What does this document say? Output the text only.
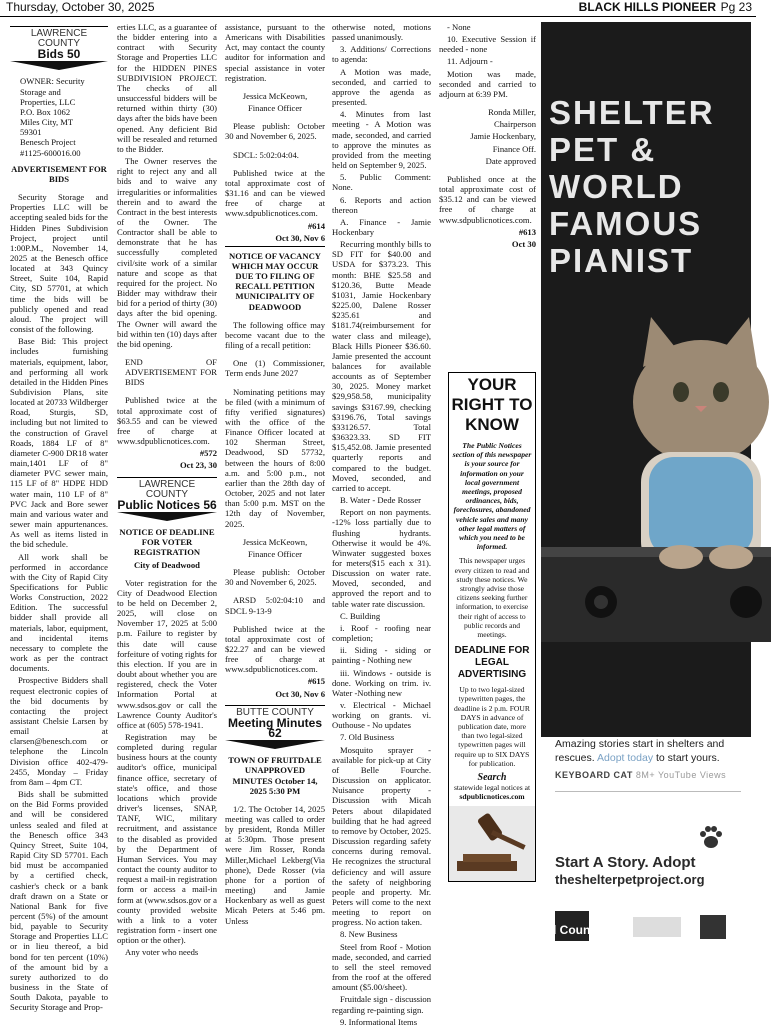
Thursday, October 30, 2025	BLACK HILLS PIONEER Pg 23
LAWRENCE COUNTY
Bids 50
OWNER: Security
Storage and
Properties, LLC
P.O. Box 1062
Miles City, MT
59301
Benesch Project
#1125-600016.00

ADVERTISEMENT FOR BIDS

Security Storage and Properties LLC will be accepting sealed bids for the Hidden Pines Subdivision Project, project until 1:00P.M., November 14, 2025 at the Benesch office located at 343 Quincy Street, Suite 104, Rapid City, SD 57701, at which time the bids will be publicly opened and read aloud. The project will consist of the following.

Base Bid: This project includes furnishing materials, equipment, labor, and performing all work detailed in the Hidden Pines Subdivision Plans, site located at 20733 Wildberger Road, Sturgis, SD, including but not limited to the construction of Gravel Roads, 1884 LF of 8" diameter C-900 DR18 water main,1401 LF of 8" diameter PVC sewer main, 115 LF of 8" HDPE HDD water main, 110 LF of 8" PVC Jack and Bore sewer main and various water and sewer main appurtenances. As well as items listed in the bid schedule.

All work shall be performed in accordance with the City of Rapid City Specifications for Public Works Construction, 2022 Edition. The successful bidder shall provide all materials, labor, equipment, and incidental items necessary to complete the work as per the contract documents.

Prospective Bidders shall request electronic copies of the bid documents by contacting the project assistant Chelsie Larsen by email at clarsen@benesch.com or telephone the Lincoln Division office 402-479-2455, Monday – Friday from 8am – 4pm CT.

Bids shall be submitted on the Bid Forms provided and will be considered unless sealed and filed at the Benesch office 343 Quincy Street, Suite 104, Rapid City SD 57701. Each bid must be accompanied by a certified check, cashier's check or a bank draft drawn on a State or National Bank for five percent (5%) of the amount bid, payable to Security Storage and Properties LLC or in lieu thereof, a bid bond for ten percent (10%) of the amount bid by a surety authorized to do business in the State of South Dakota, payable to Security Storage and Prop-

erties LLC, as a guarantee of the bidder entering into a contract with Security Storage and Properties LLC for the HIDDEN PINES SUBDIVISION PROJECT. The checks of all unsuccessful bidders will be returned within thirty (30) days after the bids have been opened. Any deficient Bid will be resealed and returned to the Bidder.

The Owner reserves the right to reject any and all bids and to waive any irregularities or informalities therein and to award the Contract in the best interests of the Owner. The Contractor shall be able to demonstrate that he has successfully completed civil/site work of a similar nature and scope as that required for the project. No Bidder may withdraw their bid for a period of thirty (30) days after the bid opening. The Owner will award the bid within ten (10) days after the bid opening.

END OF ADVERTISEMENT FOR BIDS

Published twice at the total approximate cost of $63.55 and can be viewed free of charge at www.sdpublicnotices.com.

#572

Oct 23, 30

LAWRENCE COUNTY
Public Notices 56

NOTICE OF DEADLINE FOR VOTER REGISTRATION

City of Deadwood

Voter registration for the City of Deadwood Election to be held on December 2, 2025, will close on November 17, 2025 at 5:00 p.m. Failure to register by this date will cause forfeiture of voting rights for this election. If you are in doubt about whether you are registered, check the Voter Information Portal at www.sdsos.gov or call the Lawrence County Auditor's office at (605) 578-1941.

Registration may be completed during regular business hours at the county auditor's office, municipal finance office, secretary of state's office, and those locations which provide driver's licenses, SNAP, TANF, WIC, military recruitment, and assistance to the disabled as provided by the Department of Human Services. You may contact the county auditor to request a mail-in registration form or access a mail-in form at (www.sdsos.gov or a county provided website with a link to a voter registration form - insert one option or the other).

Any voter who needs

assistance, pursuant to the Americans with Disabilities Act, may contact the county auditor for information and special assistance in voter registration.

Jessica McKeown,

Finance Officer

Please publish: October 30 and November 6, 2025.

SDCL: 5:02:04:04.

Published twice at the total approximate cost of $31.16 and can be viewed free of charge at www.sdpublicnotices.com.

#614

Oct 30, Nov 6

NOTICE OF VACANCY WHICH MAY OCCUR DUE TO FILING OF RECALL PETITION MUNICIPALITY OF DEADWOOD

The following office may become vacant due to the filing of a recall petition:

One (1) Commissioner, Term ends June 2027

Nominating petitions may be filed (with a minimum of fifty verified signatures) with the office of the Finance Officer located at 102 Sherman Street, Deadwood, SD 57732, between the hours of 8:00 a.m. and 5:00 p.m., not earlier than the 28th day of October, 2025 and not later than 5:00 p.m. MST on the 12th day of November, 2025.

Jessica McKeown,

Finance Officer

Please publish: October 30 and November 6, 2025.

ARSD 5:02:04:10 and SDCL 9-13-9

Published twice at the total approximate cost of $22.27 and can be viewed free of charge at www.sdpublicnotices.com.

#615

Oct 30, Nov 6

BUTTE COUNTY
Meeting Minutes 62

TOWN OF FRUITDALE UNAPPROVED MINUTES October 14, 2025 5:30 PM

1/2. The October 14, 2025 meeting was called to order by president, Ronda Miller at 5:30pm. Those present were Jim Rosser, Ronda Miller,Michael Lekberg(Via phone), Dede Rosser (via phone for a portion of meeting) and Jamie Hockenbary as well as guest Micah Peters at 5:46 pm. Unless

otherwise noted, motions passed unanimously.

3. Additions/ Corrections to agenda:

A Motion was made, seconded, and carried to approve the agenda as presented.

4. Minutes from last meeting - A Motion was made, seconded, and carried to approve the minutes as provided from the meeting held on September 9, 2025.

5. Public Comment: None.

6. Reports and action thereon

A. Finance - Jamie Hockenbary

Recurring monthly bills to SD FIT for $40.00 and USDA for $373.23. This month: BHE $25.58 and $120.36, Butte Meade $1031, Jamie Hockenbary $225.00, Dalene Rosser $235.61 and $181.74(reimbursement for water class and mileage), Black Hills Pioneer $36.60. Jamie presented the account balances for available accounts as of September 30, 2025. Money market $29,958.58, municipality savings $3167.99, checking $3196.76, Total savings $33126.57. Total $36323.33. SD FIT $15,452.08. Jamie presented quarterly reports and compared to the budget. Moved, seconded, and carried to accept.

B. Water - Dede Rosser

Report on non payments. -12% loss partially due to flushing hydrants. Otherwise it would be 4%. Winwater suggested boxes for meters($15 each x 31). Discussion on water rate. Moved, seconded, and approved the report and to table water rate discussion.

C. Building

i. Roof - roofing near completion;

ii. Siding - siding or painting - Nothing new

iii. Windows - outside is done. Working on trim. iv. Water -Nothing new

v. Electrical - Michael working on grants. vi. Outhouse - No updates

7. Old Business

Mosquito sprayer - available for pick-up at City of Belle Fourche. Discussion on applicator. Nuisance property -Discussion with Micah Peters about dilapidated building that he had agreed to remove by October, 2025. Discussion regarding safety concerns during removal. He recognizes the structural deficiency and will assure the safety of neighboring people and property. Mr. Peters will come to the next meeting to report on progress. No action taken.

8. New Business

Steel from Roof - Motion made, seconded, and carried to sell the steel removed from the roof at the offered amount ($5.00/sheet).

Fruitdale sign - discussion regarding re-painting sign.

9. Informational Items

- None

10. Executive Session if needed - none

11. Adjourn -

Motion was made, seconded and carried to adjourn at 6:39 PM.

Ronda Miller,

Chairperson

Jamie Hockenbary,

Finance Off.

Date approved

Published once at the total approximate cost of $35.12 and can be viewed free of charge at www.sdpublicnotices.com.

#613

Oct 30

YOUR RIGHT TO KNOW
The Public Notices section of this newspaper is your source for information on your local government meetings, proposed ordinances, bids, foreclosures, abandoned vehicle sales and many other legal matters of which you need to be informed.
This newspaper urges every citizen to read and study these notices. We strongly advise those citizens seeking further information, to exercise their right of access to public records and meetings.
DEADLINE FOR LEGAL ADVERTISING
Up to two legal-sized typewritten pages, the deadline is 2 p.m. FOUR DAYS in advance of publication date, more than two legal-sized typewritten pages will require up to SIX DAYS for publication.
Search
statewide legal notices at
sdpublicnotices.com
SHELTER PET & WORLD FAMOUS PIANIST
Amazing stories start in shelters and rescues. Adopt today to start yours.
KEYBOARD CAT 8M+ YouTube Views
Start A Story. Adopt
theshelterpetproject.org
Ad Council
